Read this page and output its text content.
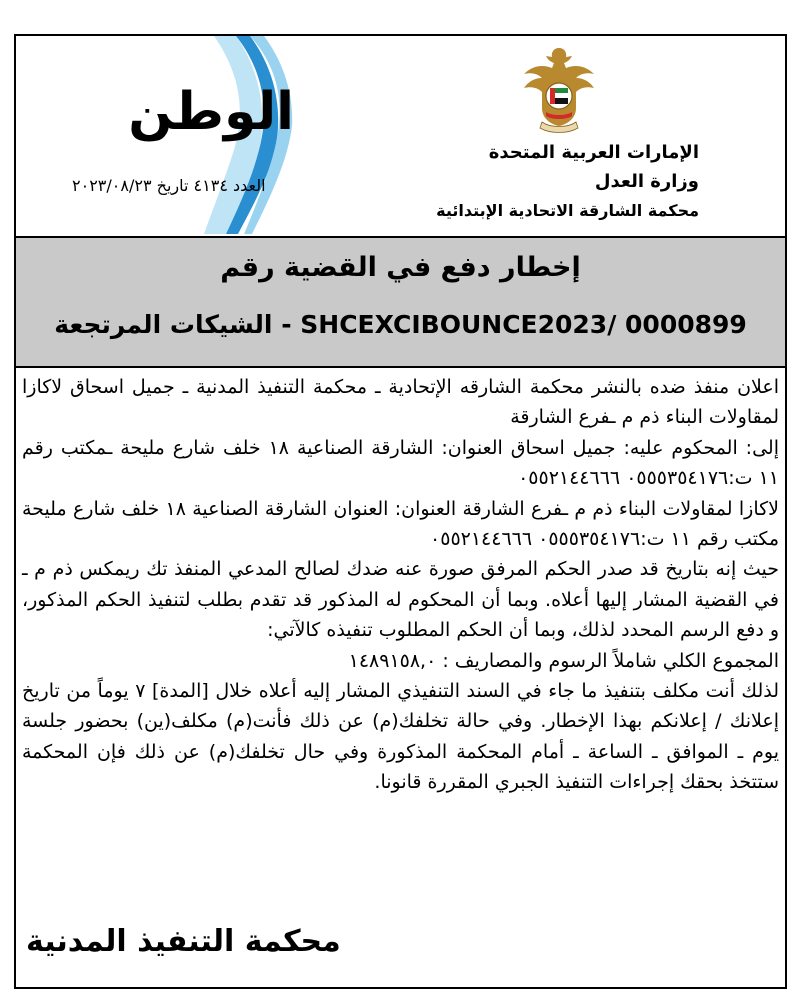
الإمارات العربية المتحدة
وزارة العدل
محكمة الشارقة الاتحادية الإبتدائية
الوطن
العدد ٤١٣٤ تاريخ ٢٠٢٣/٠٨/٢٣
إخطار دفع في القضية رقم
SHCEXCIBOUNCE2023/ 0000899 - الشيكات المرتجعة

اعلان منفذ ضده بالنشر محكمة الشارقه الإتحادية ـ محكمة التنفيذ المدنية ـ جميل اسحاق لاكازا لمقاولات البناء ذم م ـفرع الشارقة

إلى: المحكوم عليه: جميل اسحاق العنوان: الشارقة الصناعية ١٨ خلف شارع مليحة ـمكتب رقم ١١ ت:٠٥٥٥٣٥٤١٧٦ ٠٥٥٢١٤٤٦٦٦

لاكازا لمقاولات البناء ذم م ـفرع الشارقة العنوان: العنوان الشارقة الصناعية ١٨ خلف شارع مليحة مكتب رقم ١١ ت:٠٥٥٥٣٥٤١٧٦ ٠٥٥٢١٤٤٦٦٦

حيث إنه بتاريخ قد صدر الحكم المرفق صورة عنه ضدك لصالح المدعي المنفذ تك ريمكس ذم م ـ في القضية المشار إليها أعلاه. وبما أن المحكوم له المذكور قد تقدم بطلب لتنفيذ الحكم المذكور، و دفع الرسم المحدد لذلك، وبما أن الحكم المطلوب تنفيذه كالآتي:

المجموع الكلي شاملاً الرسوم والمصاريف : ١٤٨٩١٥٨,٠

لذلك أنت مكلف بتنفيذ ما جاء في السند التنفيذي المشار إليه أعلاه خلال [المدة] ٧ يوماً من تاريخ إعلانك / إعلانكم بهذا الإخطار. وفي حالة تخلفك(م) عن ذلك فأنت(م) مكلف(ين) بحضور جلسة يوم ـ الموافق ـ الساعة ـ أمام المحكمة المذكورة وفي حال تخلفك(م) عن ذلك فإن المحكمة ستتخذ بحقك إجراءات التنفيذ الجبري المقررة قانونا.

محكمة التنفيذ المدنية
